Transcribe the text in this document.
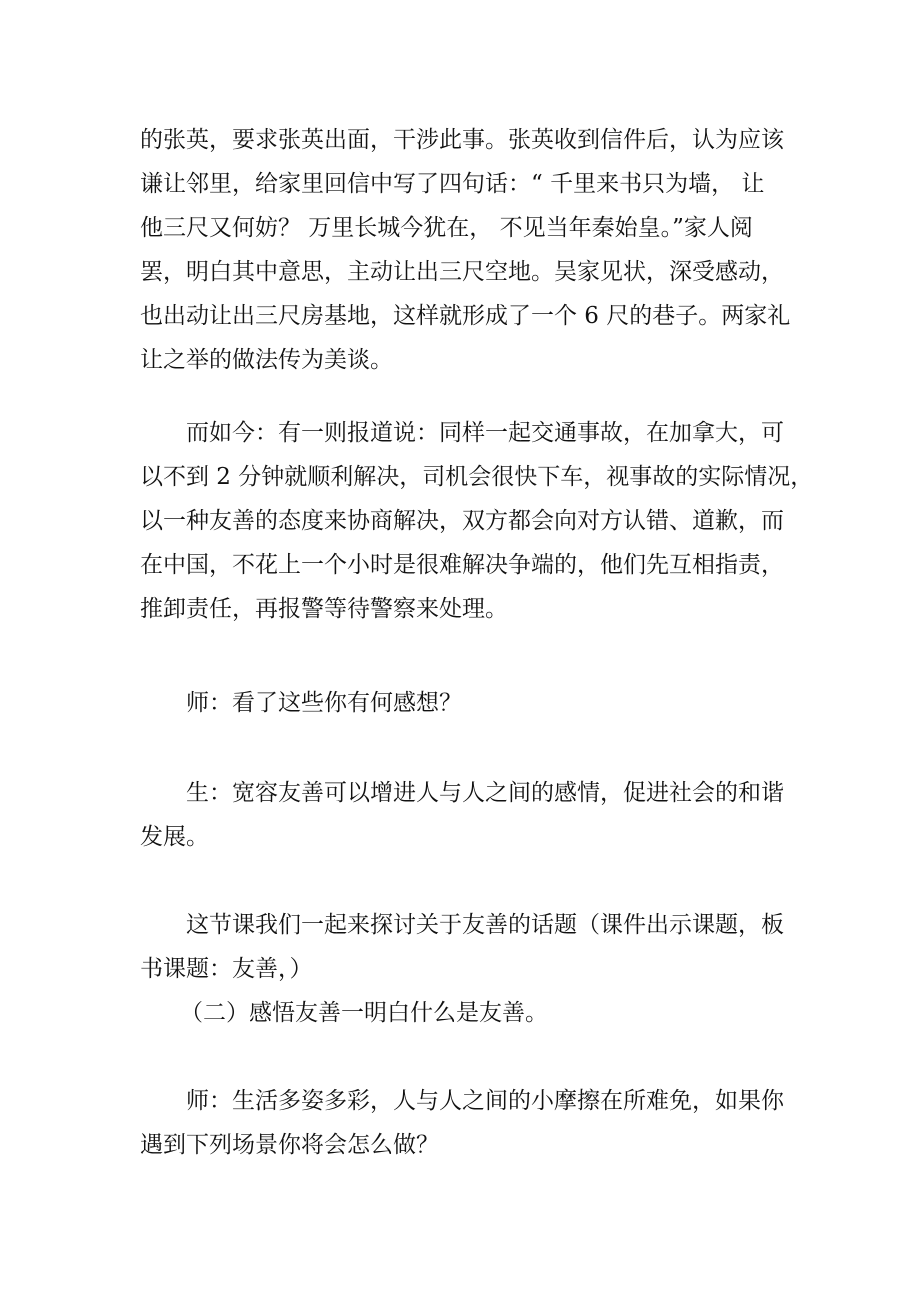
的张英，要求张英出面，干涉此事。张英收到信件后，认为应该
谦让邻里，给家里回信中写了四句话：“ 千里来书只为墙， 让
他三尺又何妨？ 万里长城今犹在， 不见当年秦始皇。”家人阅
罢，明白其中意思，主动让出三尺空地。吴家见状，深受感动，
也出动让出三尺房基地，这样就形成了一个 6 尺的巷子。两家礼
让之举的做法传为美谈。
而如今：有一则报道说：同样一起交通事故，在加拿大，可
以不到 2 分钟就顺利解决，司机会很快下车，视事故的实际情况，
以一种友善的态度来协商解决，双方都会向对方认错、道歉，而
在中国，不花上一个小时是很难解决争端的，他们先互相指责，
推卸责任，再报警等待警察来处理。
师：看了这些你有何感想？
生：宽容友善可以增进人与人之间的感情，促进社会的和谐
发展。
这节课我们一起来探讨关于友善的话题（课件出示课题，板
书课题：友善，）
（二）感悟友善一明白什么是友善。
师：生活多姿多彩，人与人之间的小摩擦在所难免，如果你
遇到下列场景你将会怎么做？
